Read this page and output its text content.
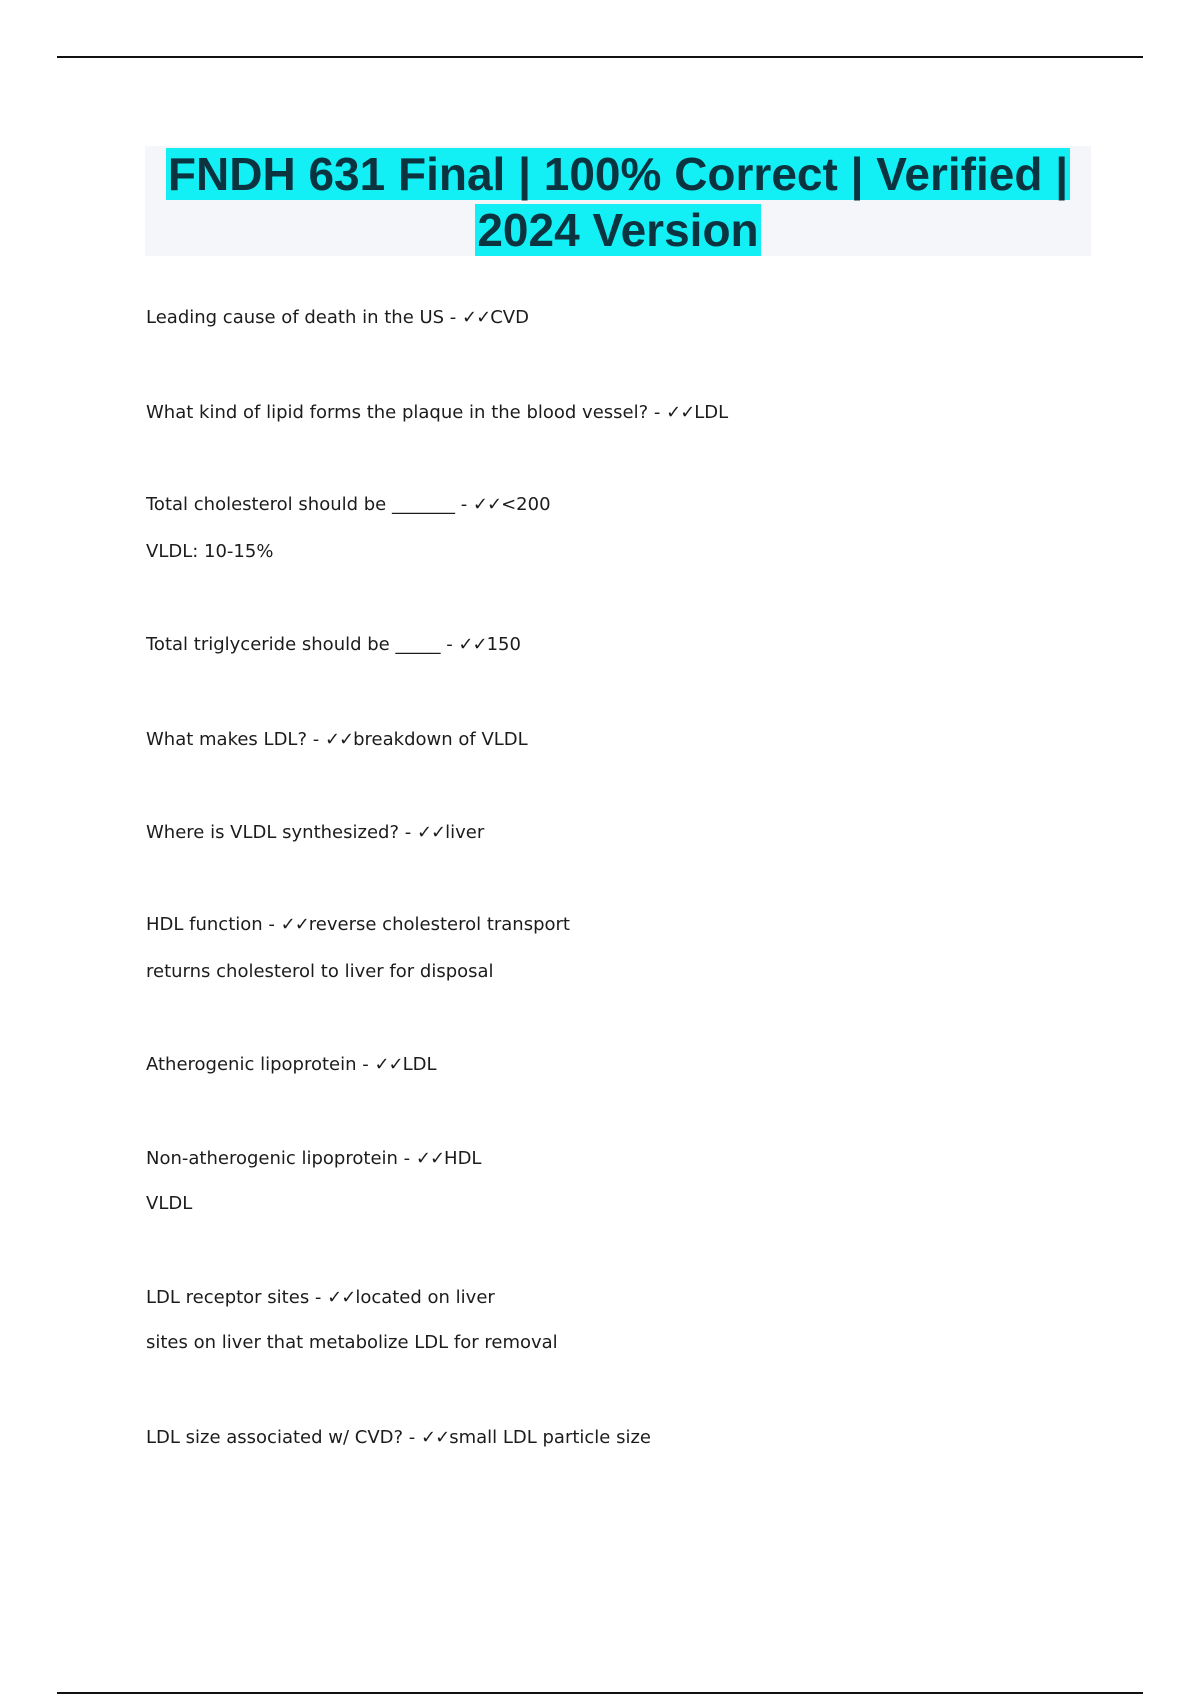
FNDH 631 Final | 100% Correct | Verified | 2024 Version

Leading cause of death in the US - ✓✓CVD

What kind of lipid forms the plaque in the blood vessel? - ✓✓LDL

Total cholesterol should be _______ - ✓✓<200

VLDL: 10-15%

Total triglyceride should be _____ - ✓✓150

What makes LDL? - ✓✓breakdown of VLDL

Where is VLDL synthesized? - ✓✓liver

HDL function - ✓✓reverse cholesterol transport

returns cholesterol to liver for disposal

Atherogenic lipoprotein - ✓✓LDL

Non-atherogenic lipoprotein - ✓✓HDL

VLDL

LDL receptor sites - ✓✓located on liver

sites on liver that metabolize LDL for removal

LDL size associated w/ CVD? - ✓✓small LDL particle size
